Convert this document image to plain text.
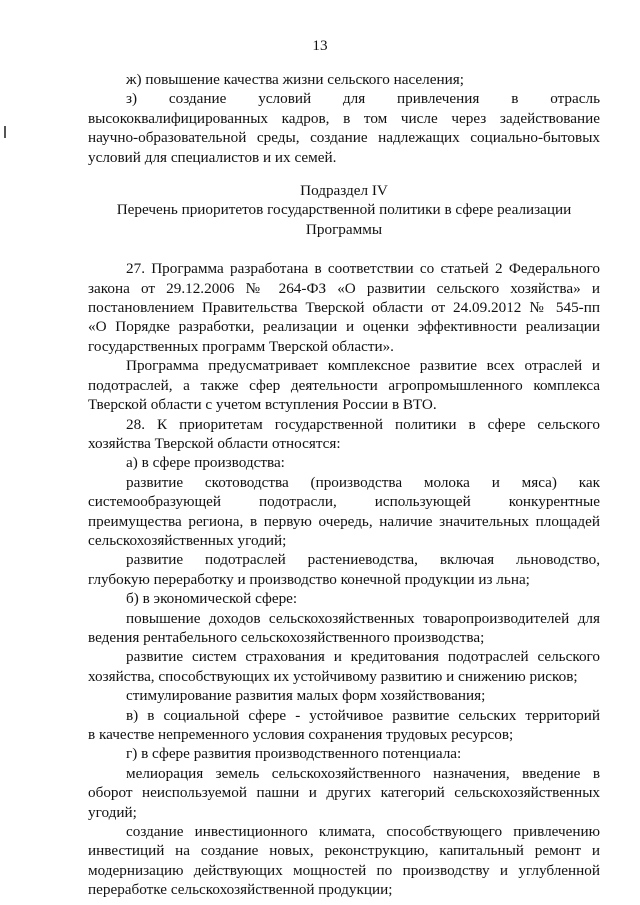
13
ж) повышение качества жизни сельского населения;
з) создание условий для привлечения в отрасль
высококвалифицированных кадров, в том числе через задействование
научно-образовательной среды, создание надлежащих социально-бытовых
условий для специалистов и их семей.
Подраздел IV
Перечень приоритетов государственной политики в сфере реализации
Программы
27. Программа разработана в соответствии со статьей 2 Федерального
закона от 29.12.2006 № 264-ФЗ «О развитии сельского хозяйства» и
постановлением Правительства Тверской области от 24.09.2012 № 545-пп
«О Порядке разработки, реализации и оценки эффективности реализации
государственных программ Тверской области».
Программа предусматривает комплексное развитие всех отраслей и
подотраслей, а также сфер деятельности агропромышленного комплекса
Тверской области с учетом вступления России в ВТО.
28. К приоритетам государственной политики в сфере сельского
хозяйства Тверской области относятся:
а) в сфере производства:
развитие скотоводства (производства молока и мяса) как
системообразующей подотрасли, использующей конкурентные
преимущества региона, в первую очередь, наличие значительных площадей
сельскохозяйственных угодий;
развитие подотраслей растениеводства, включая льноводство,
глубокую переработку и производство конечной продукции из льна;
б) в экономической сфере:
повышение доходов сельскохозяйственных товаропроизводителей для
ведения рентабельного сельскохозяйственного производства;
развитие систем страхования и кредитования подотраслей сельского
хозяйства, способствующих их устойчивому развитию и снижению рисков;
стимулирование развития малых форм хозяйствования;
в) в социальной сфере - устойчивое развитие сельских территорий
в качестве непременного условия сохранения трудовых ресурсов;
г) в сфере развития производственного потенциала:
мелиорация земель сельскохозяйственного назначения, введение в
оборот неиспользуемой пашни и других категорий сельскохозяйственных
угодий;
создание инвестиционного климата, способствующего привлечению
инвестиций на создание новых, реконструкцию, капитальный ремонт и
модернизацию действующих мощностей по производству и углубленной
переработке сельскохозяйственной продукции;
